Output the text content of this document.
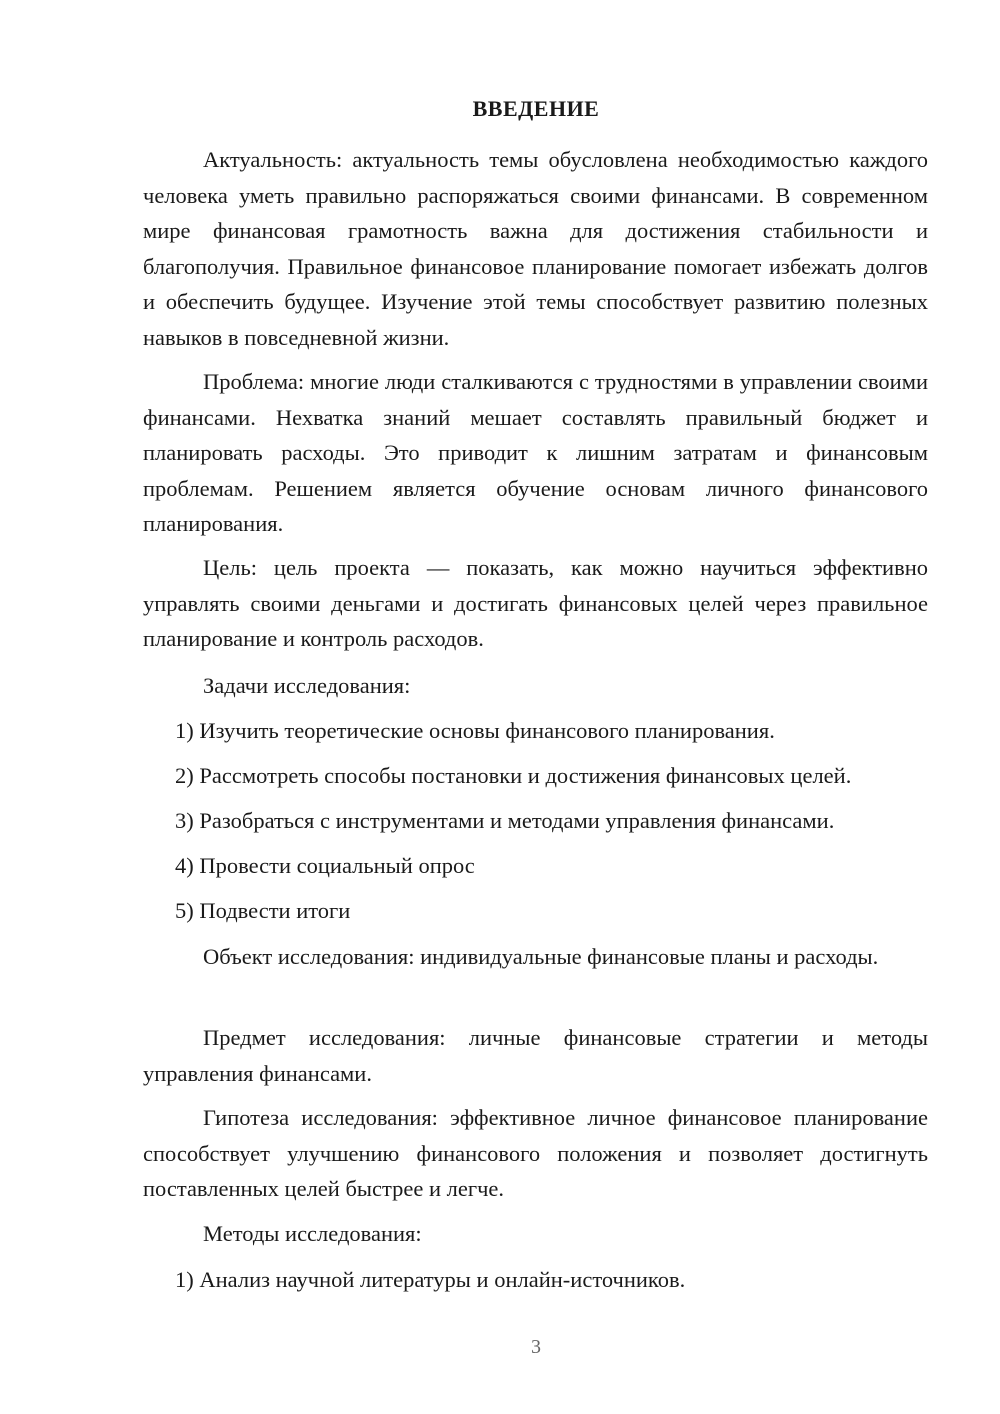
ВВЕДЕНИЕ

Актуальность: актуальность темы обусловлена необходимостью каждого человека уметь правильно распоряжаться своими финансами. В современном мире финансовая грамотность важна для достижения стабильности и благополучия. Правильное финансовое планирование помогает избежать долгов и обеспечить будущее. Изучение этой темы способствует развитию полезных навыков в повседневной жизни.

Проблема: многие люди сталкиваются с трудностями в управлении своими финансами. Нехватка знаний мешает составлять правильный бюджет и планировать расходы. Это приводит к лишним затратам и финансовым проблемам. Решением является обучение основам личного финансового планирования.

Цель: цель проекта — показать, как можно научиться эффективно управлять своими деньгами и достигать финансовых целей через правильное планирование и контроль расходов.

Задачи исследования:
1) Изучить теоретические основы финансового планирования.
2) Рассмотреть способы постановки и достижения финансовых целей.
3) Разобраться с инструментами и методами управления финансами.
4) Провести социальный опрос
5) Подвести итоги

Объект исследования: индивидуальные финансовые планы и расходы.

Предмет исследования: личные финансовые стратегии и методы управления финансами.

Гипотеза исследования: эффективное личное финансовое планирование способствует улучшению финансового положения и позволяет достигнуть поставленных целей быстрее и легче.

Методы исследования:
1) Анализ научной литературы и онлайн-источников.
3
